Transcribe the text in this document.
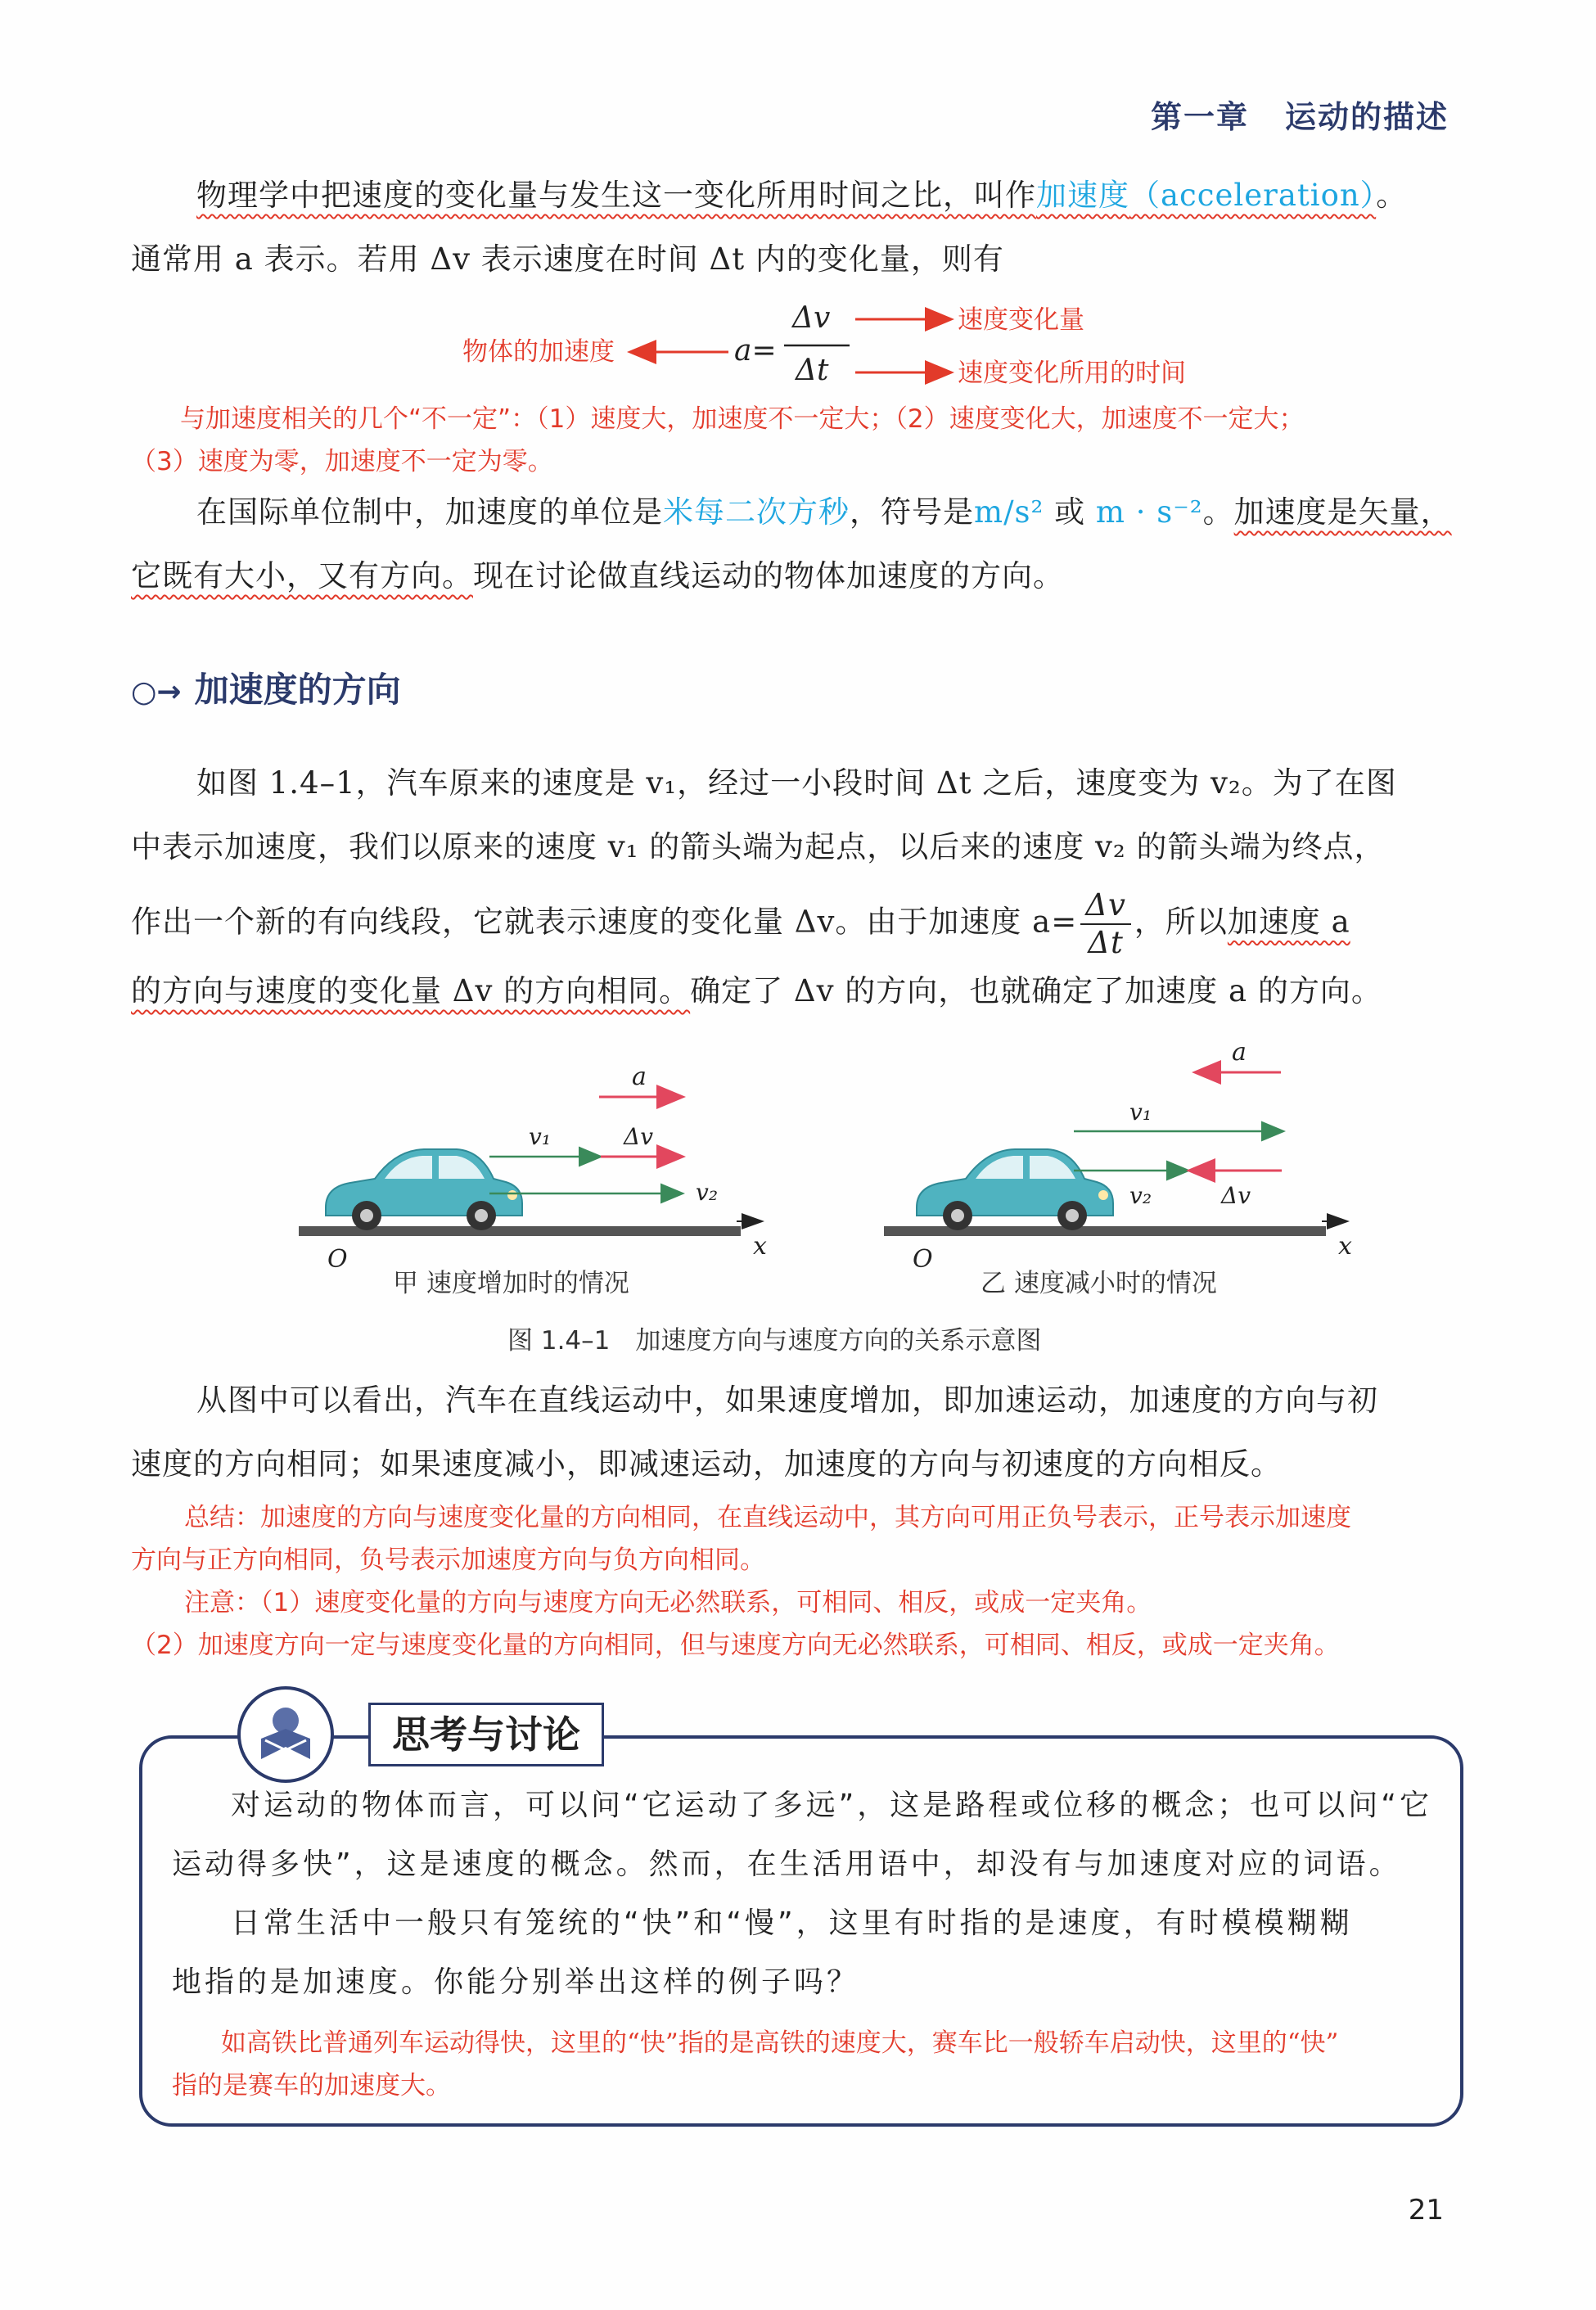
第一章 运动的描述
物理学中把速度的变化量与发生这一变化所用时间之比，叫作加速度（acceleration）。
通常用 a 表示。若用 Δv 表示速度在时间 Δt 内的变化量，则有
物体的加速度	a=
Δv
Δt
速度变化量
速度变化所用的时间
与加速度相关的几个“不一定”：（1）速度大，加速度不一定大；（2）速度变化大，加速度不一定大；
（3）速度为零，加速度不一定为零。
在国际单位制中，加速度的单位是米每二次方秒，符号是m/s² 或 m · s⁻²。加速度是矢量，
它既有大小，又有方向。现在讨论做直线运动的物体加速度的方向。
○→ 加速度的方向
如图 1.4–1，汽车原来的速度是 v₁，经过一小段时间 Δt 之后，速度变为 v₂。为了在图
中表示加速度，我们以原来的速度 v₁ 的箭头端为起点，以后来的速度 v₂ 的箭头端为终点，
作出一个新的有向线段，它就表示速度的变化量 Δv。由于加速度 $a= \frac{\Delta v}{\Delta t}$ ，所以加速度 a
的方向与速度的变化量 Δv 的方向相同。确定了 Δv 的方向，也就确定了加速度 a 的方向。
a
v₁	Δv
v₂
O	x
a
v₁
v₂	Δv
O	x
甲 速度增加时的情况	乙 速度减小时的情况
图 1.4–1　加速度方向与速度方向的关系示意图
从图中可以看出，汽车在直线运动中，如果速度增加，即加速运动，加速度的方向与初
速度的方向相同；如果速度减小，即减速运动，加速度的方向与初速度的方向相反。
总结：加速度的方向与速度变化量的方向相同，在直线运动中，其方向可用正负号表示，正号表示加速度
方向与正方向相同，负号表示加速度方向与负方向相同。
注意：（1）速度变化量的方向与速度方向无必然联系，可相同、相反，或成一定夹角。
（2）加速度方向一定与速度变化量的方向相同，但与速度方向无必然联系，可相同、相反，或成一定夹角。
思考与讨论
对运动的物体而言，可以问“它运动了多远”，这是路程或位移的概念；也可以问“它
运动得多快”，这是速度的概念。然而，在生活用语中，却没有与加速度对应的词语。
日常生活中一般只有笼统的“快”和“慢”，这里有时指的是速度，有时模模糊糊
地指的是加速度。你能分别举出这样的例子吗？
如高铁比普通列车运动得快，这里的“快”指的是高铁的速度大，赛车比一般轿车启动快，这里的“快”
指的是赛车的加速度大。
21
